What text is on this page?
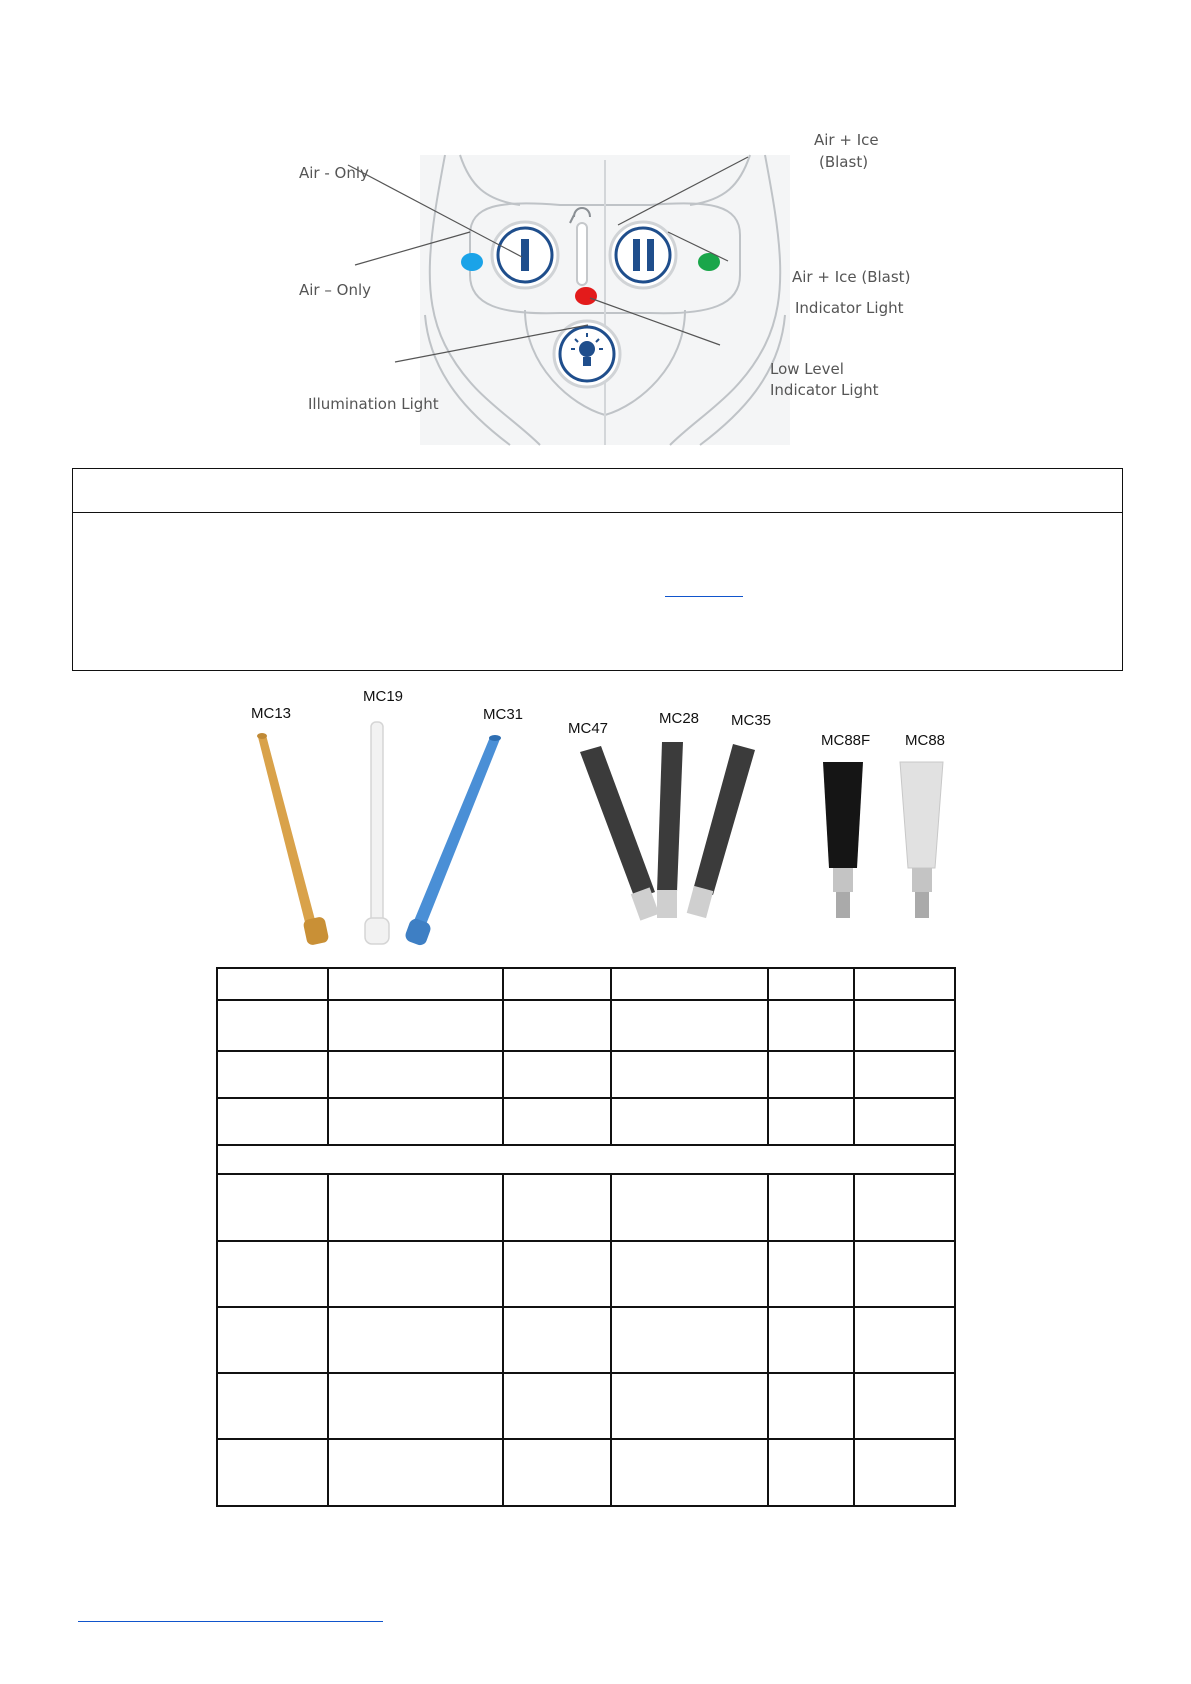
Air - Only
Air – Only
Air + Ice
(Blast)
Air + Ice (Blast)
Indicator Light
Low Level
Indicator Light
Illumination Light
MC13
MC19
MC31
MC47
MC28 MC35
MC88F MC88
